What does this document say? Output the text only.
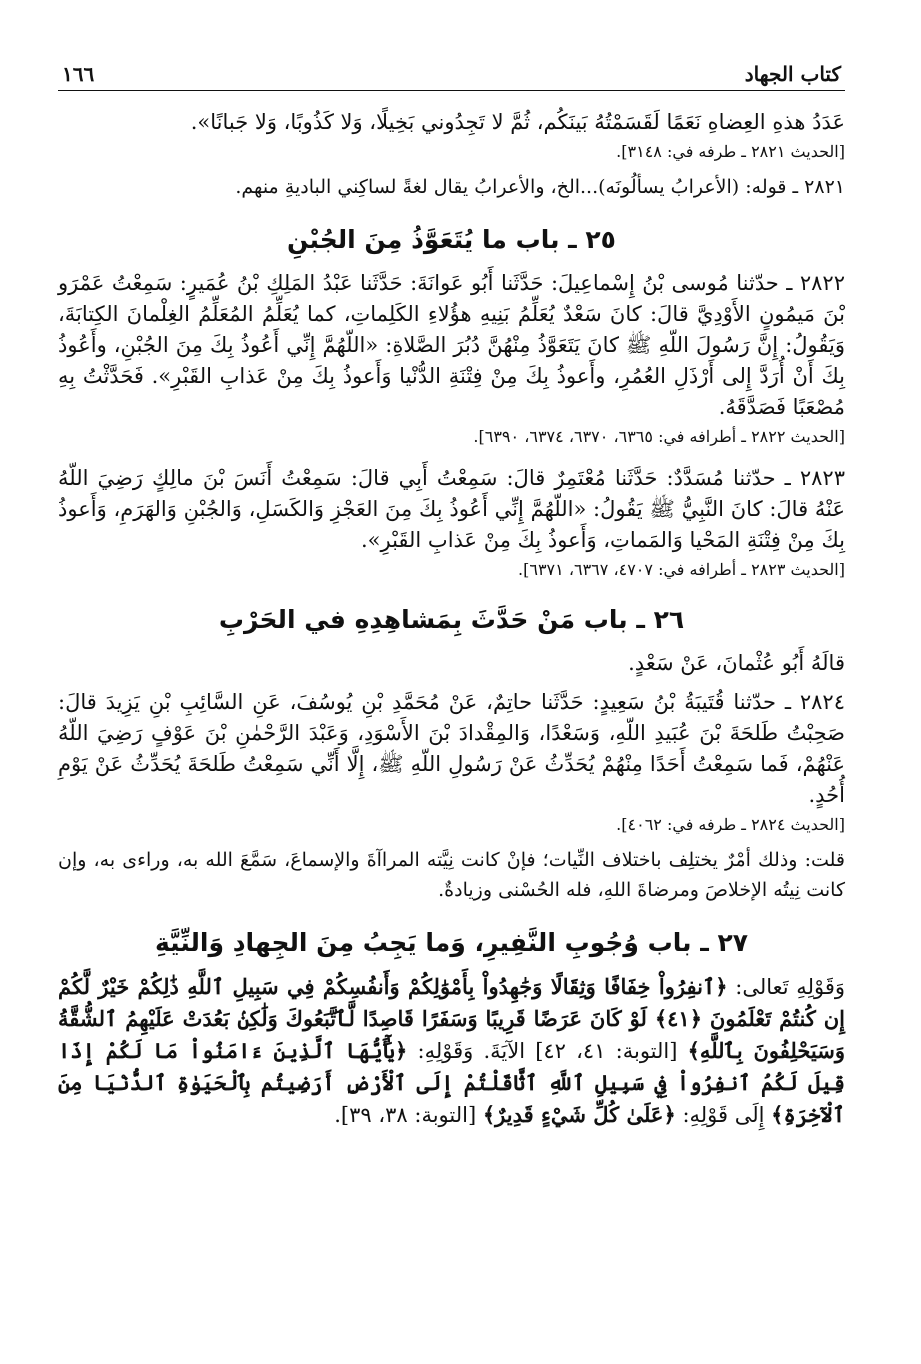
كتاب الجهاد
١٦٦

عَدَدُ هذهِ العِضاهِ نَعَمًا لَقَسَمْتُهُ بَينَكُم، ثُمَّ لا تَجِدُوني بَخِيلًا، وَلا كَذُوبًا، وَلا جَبانًا».

[الحديث ٢٨٢١ ـ طرفه في: ٣١٤٨].

٢٨٢١ ـ قوله: (الأعرابُ يسألُونَه)...الخ، والأعرابُ يقال لغةً لساكِني الباديةِ منهم.

٢٥ ـ باب ما يُتَعَوَّذُ مِنَ الجُبْنِ

٢٨٢٢ ـ حدّثنا مُوسى بْنُ إِسْماعِيلَ: حَدَّثَنا أَبُو عَوانَةَ: حَدَّثَنا عَبْدُ المَلِكِ بْنُ عُمَيرٍ: سَمِعْتُ عَمْرَو بْنَ مَيمُونٍ الأَوْدِيَّ قالَ: كانَ سَعْدٌ يُعَلِّمُ بَنِيهِ هؤُلاءِ الكَلِماتِ، كما يُعَلِّمُ المُعَلِّمُ الغِلْمانَ الكِتابَةَ، وَيَقُولُ: إِنَّ رَسُولَ اللّهِ ﷺ كانَ يَتَعَوَّذُ مِنْهُنَّ دُبُرَ الصَّلاةِ: «اللّهُمَّ إِنِّي أَعُوذُ بِكَ مِنَ الجُبْنِ، وأَعُوذُ بِكَ أَنْ أُرَدَّ إِلى أَرْذَلِ العُمُرِ، وأَعوذُ بِكَ مِنْ فِتْنَةِ الدُّنْيا وَأَعوذُ بِكَ مِنْ عَذابِ القَبْرِ». فَحَدَّثْتُ بِهِ مُصْعَبًا فَصَدَّقَهُ.

[الحديث ٢٨٢٢ ـ أطرافه في: ٦٣٦٥، ٦٣٧٠، ٦٣٧٤، ٦٣٩٠].

٢٨٢٣ ـ حدّثنا مُسَدَّدٌ: حَدَّثَنا مُعْتَمِرٌ قالَ: سَمِعْتُ أَبِي قالَ: سَمِعْتُ أَنَسَ بْنَ مالِكٍ رَضِيَ اللّهُ عَنْهُ قالَ: كانَ النَّبِيُّ ﷺ يَقُولُ: «اللّهُمَّ إِنِّي أَعُوذُ بِكَ مِنَ العَجْزِ وَالكَسَلِ، وَالجُبْنِ وَالهَرَمِ، وَأَعوذُ بِكَ مِنْ فِتْنَةِ المَحْيا وَالمَماتِ، وَأَعوذُ بِكَ مِنْ عَذابِ القَبْرِ».

[الحديث ٢٨٢٣ ـ أطرافه في: ٤٧٠٧، ٦٣٦٧، ٦٣٧١].

٢٦ ـ باب مَنْ حَدَّثَ بِمَشاهِدِهِ في الحَرْبِ

قالَهُ أَبُو عُثْمانَ، عَنْ سَعْدٍ.

٢٨٢٤ ـ حدّثنا قُتَيبَةُ بْنُ سَعِيدٍ: حَدَّثَنا حاتِمٌ، عَنْ مُحَمَّدِ بْنِ يُوسُفَ، عَنِ السَّائِبِ بْنِ يَزِيدَ قالَ: صَحِبْتُ طَلحَةَ بْنَ عُبَيدِ اللّهِ، وَسَعْدًا، وَالمِقْدادَ بْنَ الأَسْوَدِ، وَعَبْدَ الرَّحْمٰنِ بْنَ عَوْفٍ رَضِيَ اللّهُ عَنْهُمْ، فَما سَمِعْتُ أَحَدًا مِنْهُمْ يُحَدِّثُ عَنْ رَسُولِ اللّهِ ﷺ، إِلَّا أَنِّي سَمِعْتُ طَلحَةَ يُحَدِّثُ عَنْ يَوْمِ أُحُدٍ.

[الحديث ٢٨٢٤ ـ طرفه في: ٤٠٦٢].

قلت: وذلك أمْرٌ يختلِف باختلاف النِّيات؛ فإنْ كانت نِيَّته المراآةَ والإسماعَ، سَمَّعَ الله به، وراءى به، وإن كانت نِيتُه الإخلاصَ ومرضاةَ اللهِ، فله الحُسْنى وزيادةٌ.

٢٧ ـ باب وُجُوبِ النَّفِيرِ، وَما يَجِبُ مِنَ الجِهادِ وَالنِّيَّةِ

وَقَوْلِهِ تَعالى: ﴿ٱنفِرُواْ خِفَافًا وَثِقَالًا وَجَٰهِدُواْ بِأَمْوَٰلِكُمْ وَأَنفُسِكُمْ فِي سَبِيلِ ٱللَّهِ ذَٰلِكُمْ خَيْرٌ لَّكُمْ إِن كُنتُمْ تَعْلَمُونَ ﴿٤١﴾ لَوْ كَانَ عَرَضًا قَرِيبًا وَسَفَرًا قَاصِدًا لَّٱتَّبَعُوكَ وَلَٰكِنۢ بَعُدَتْ عَلَيْهِمُ ٱلشُّقَّةُ وَسَيَحْلِفُونَ بِٱللَّهِ﴾ [التوبة: ٤١، ٤٢] الآيَةَ. وَقَوْلِهِ: ﴿يَٰٓأَيُّهَا ٱلَّذِينَ ءَامَنُواْ مَا لَكُمْ إِذَا قِيلَ لَكُمُ ٱنفِرُواْ فِي سَبِيلِ ٱللَّهِ ٱثَّاقَلْتُمْ إِلَى ٱلْأَرْضِ أَرَضِيتُم بِٱلْحَيَوٰةِ ٱلدُّنْيَا مِنَ ٱلْآخِرَةِ﴾ إِلَى قَوْلِهِ: ﴿عَلَىٰ كُلِّ شَيْءٍ قَدِيرٌ﴾ [التوبة: ٣٨، ٣٩].
